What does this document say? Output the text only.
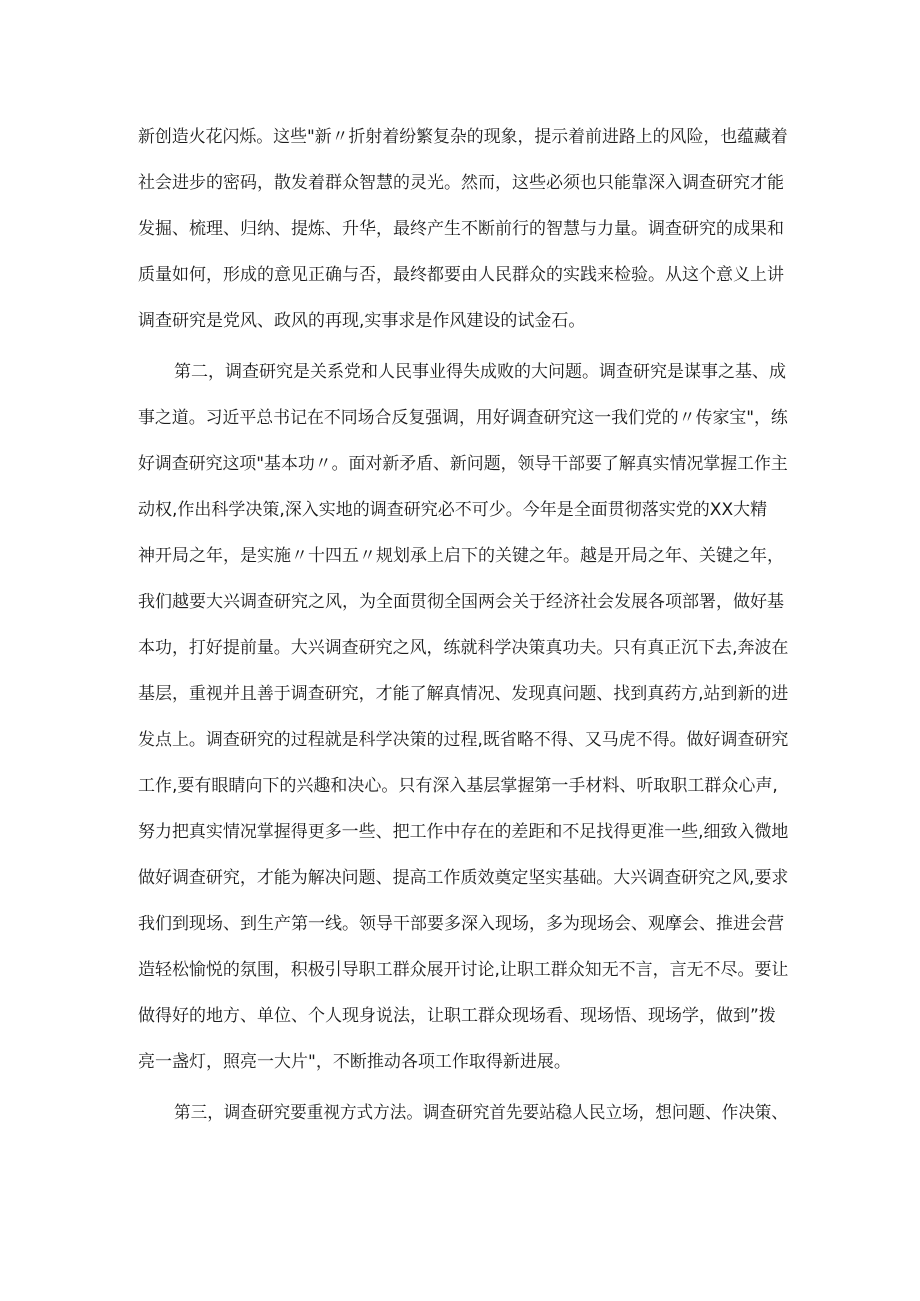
新创造火花闪烁。这些"新〃折射着纷繁复杂的现象，提示着前进路上的风险，也蕴藏着
社会进步的密码，散发着群众智慧的灵光。然而，这些必须也只能靠深入调查研究才能
发掘、梳理、归纳、提炼、升华，最终产生不断前行的智慧与力量。调查研究的成果和
质量如何，形成的意见正确与否，最终都要由人民群众的实践来检验。从这个意义上讲
调查研究是党风、政风的再现,实事求是作风建设的试金石。
第二，调查研究是关系党和人民事业得失成败的大问题。调查研究是谋事之基、成
事之道。习近平总书记在不同场合反复强调，用好调查研究这一我们党的〃传家宝"，练
好调查研究这项"基本功〃。面对新矛盾、新问题，领导干部要了解真实情况掌握工作主
动权,作出科学决策,深入实地的调查研究必不可少。今年是全面贯彻落实党的XX大精
神开局之年，是实施〃十四五〃规划承上启下的关键之年。越是开局之年、关键之年，
我们越要大兴调查研究之风，为全面贯彻全国两会关于经济社会发展各项部署，做好基
本功，打好提前量。大兴调查研究之风，练就科学决策真功夫。只有真正沉下去,奔波在
基层，重视并且善于调查研究，才能了解真情况、发现真问题、找到真药方,站到新的进
发点上。调查研究的过程就是科学决策的过程,既省略不得、又马虎不得。做好调查研究
工作,要有眼睛向下的兴趣和决心。只有深入基层掌握第一手材料、听取职工群众心声,
努力把真实情况掌握得更多一些、把工作中存在的差距和不足找得更准一些,细致入微地
做好调查研究，才能为解决问题、提高工作质效奠定坚实基础。大兴调查研究之风,要求
我们到现场、到生产第一线。领导干部要多深入现场，多为现场会、观摩会、推进会营
造轻松愉悦的氛围，积极引导职工群众展开讨论,让职工群众知无不言，言无不尽。要让
做得好的地方、单位、个人现身说法，让职工群众现场看、现场悟、现场学，做到”拨
亮一盏灯，照亮一大片"，不断推动各项工作取得新进展。
第三，调查研究要重视方式方法。调查研究首先要站稳人民立场，想问题、作决策、
